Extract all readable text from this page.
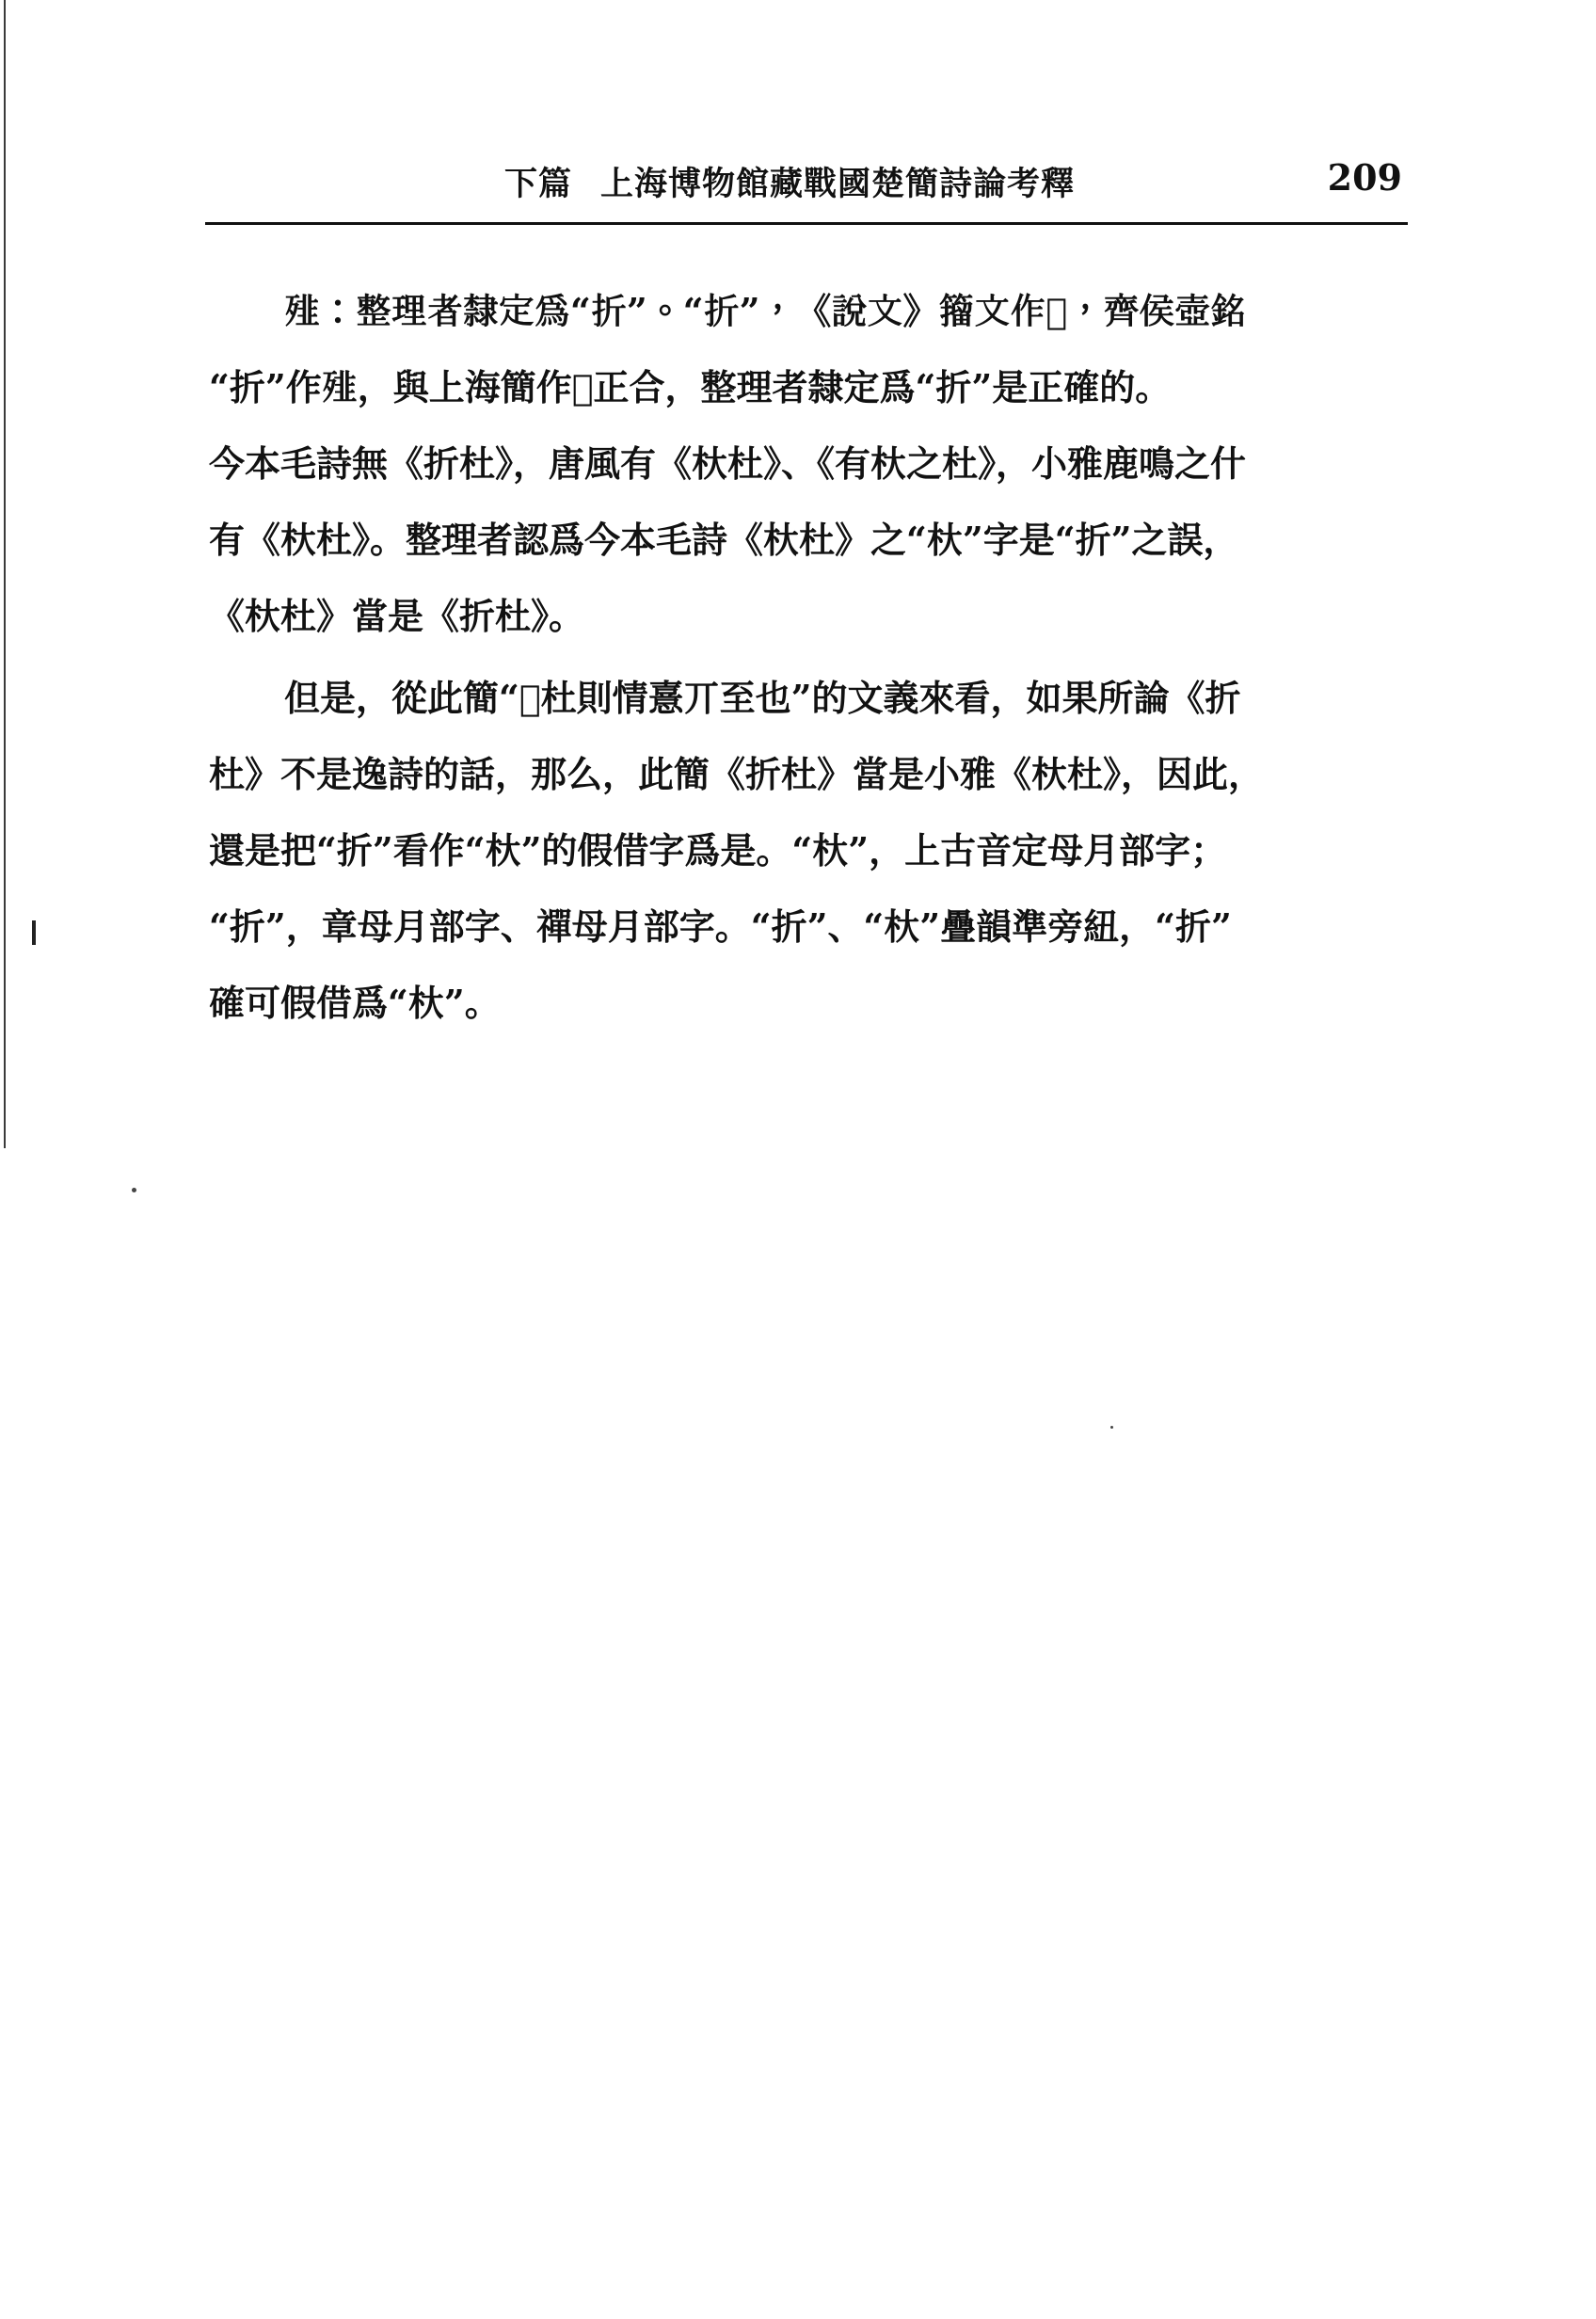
下篇 上海博物館藏戰國楚簡詩論考釋	209
𩐁：整理者隸定爲“折”。“折”，《說文》籀文作𣂐，齊侯壺銘
“折”作𩐁，與上海簡作𣂚正合，整理者隸定爲“折”是正確的。
今本毛詩無《折杜》，唐風有《杕杜》、《有杕之杜》，小雅鹿鳴之什
有《杕杜》。整理者認爲今本毛詩《杕杜》之“杕”字是“折”之誤，
《杕杜》當是《折杜》。
但是，從此簡“𣂚杜則情憙丌至也”的文義來看，如果所論《折
杜》不是逸詩的話，那么，此簡《折杜》當是小雅《杕杜》，因此，
還是把“折”看作“杕”的假借字爲是。“杕”，上古音定母月部字；
“折”，章母月部字、禪母月部字。“折”、“杕”疊韻準旁紐，“折”
確可假借爲“杕”。
